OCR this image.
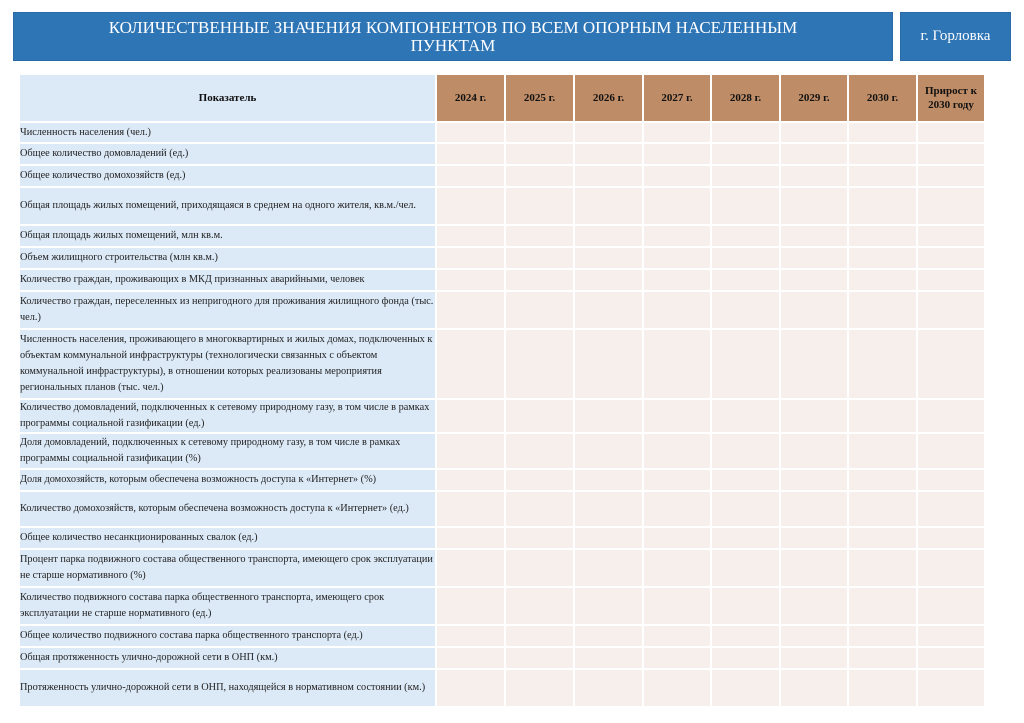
КОЛИЧЕСТВЕННЫЕ ЗНАЧЕНИЯ КОМПОНЕНТОВ ПО ВСЕМ ОПОРНЫМ НАСЕЛЕННЫМ ПУНКТАМ	г. Горловка
Показатель	2024 г.	2025 г.	2026 г.	2027 г.	2028 г.	2029 г.	2030 г.	Прирост к 2030 году
Численность населения (чел.)								
Общее количество домовладений (ед.)								
Общее количество домохозяйств (ед.)								
Общая площадь жилых помещений, приходящаяся в среднем на одного жителя, кв.м./чел.								
Общая площадь жилых помещений, млн кв.м.								
Объем жилищного строительства (млн кв.м.)								
Количество граждан, проживающих в МКД признанных аварийными, человек								
Количество граждан, переселенных из непригодного для проживания жилищного фонда (тыс. чел.)								
Численность населения, проживающего в многоквартирных и жилых домах, подключенных к объектам коммунальной инфраструктуры (технологически связанных с объектом коммунальной инфраструктуры), в отношении которых реализованы мероприятия региональных планов (тыс. чел.)								
Количество домовладений, подключенных к сетевому природному газу, в том числе в рамках программы социальной газификации (ед.)								
Доля домовладений, подключенных к сетевому природному газу, в том числе в рамках программы социальной газификации (%)								
Доля домохозяйств, которым обеспечена возможность доступа к «Интернет» (%)								
Количество домохозяйств, которым обеспечена возможность доступа к «Интернет» (ед.)								
Общее количество несанкционированных свалок (ед.)								
Процент парка подвижного состава общественного транспорта, имеющего срок эксплуатации не старше нормативного (%)								
Количество подвижного состава парка общественного транспорта, имеющего срок эксплуатации не старше нормативного (ед.)								
Общее количество подвижного состава парка общественного транспорта (ед.)								
Общая протяженность улично-дорожной сети в ОНП (км.)								
Протяженность улично-дорожной сети в ОНП, находящейся в нормативном состоянии (км.)								
